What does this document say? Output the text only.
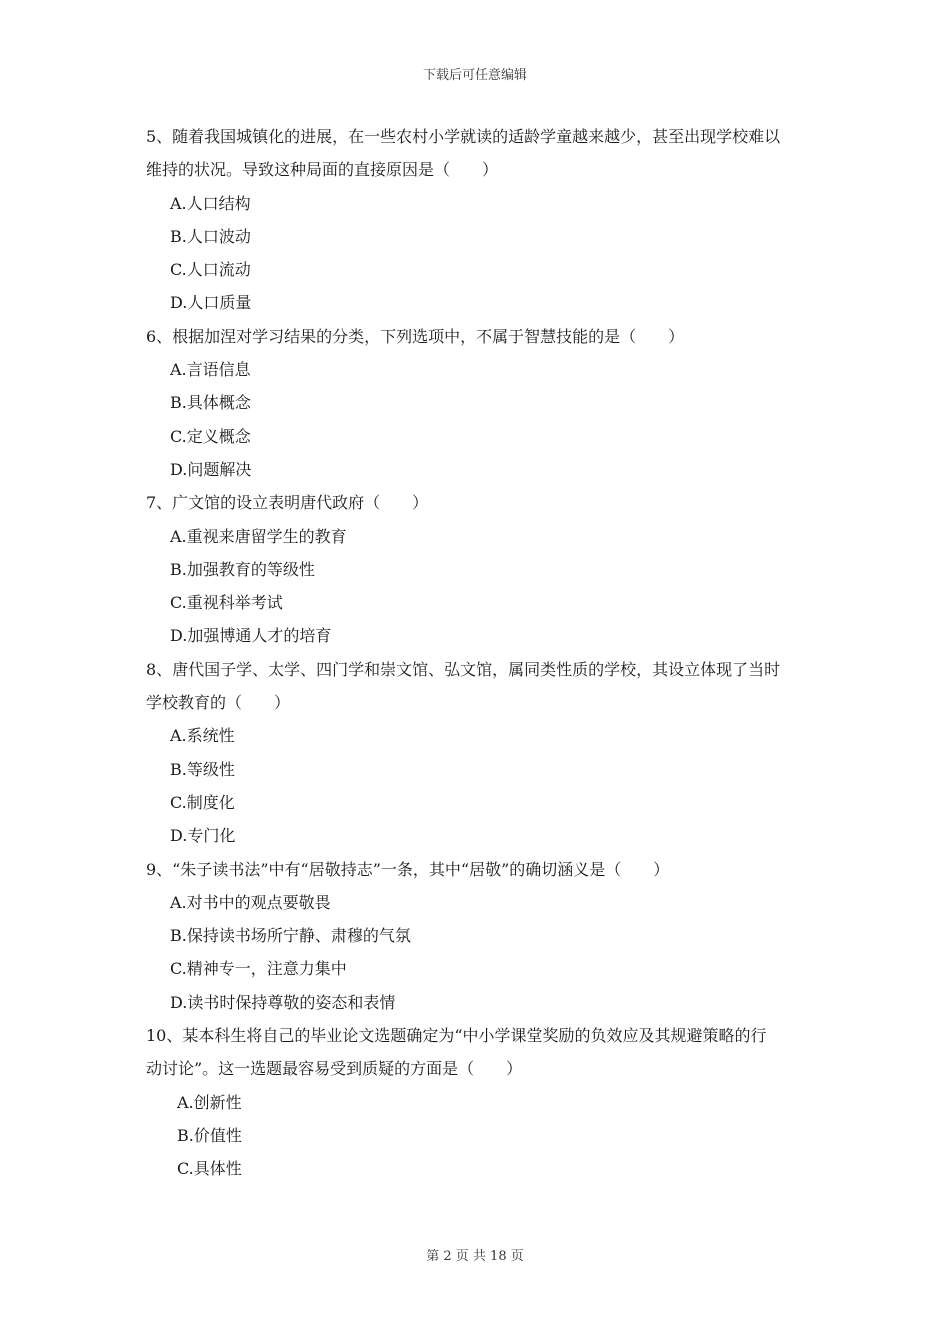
下载后可任意编辑
5、随着我国城镇化的进展，在一些农村小学就读的适龄学童越来越少，甚至出现学校难以
维持的状况。导致这种局面的直接原因是（　　）
A.人口结构
B.人口波动
C.人口流动
D.人口质量
6、根据加涅对学习结果的分类，下列选项中，不属于智慧技能的是（　　）
A.言语信息
B.具体概念
C.定义概念
D.问题解决
7、广文馆的设立表明唐代政府（　　）
A.重视来唐留学生的教育
B.加强教育的等级性
C.重视科举考试
D.加强博通人才的培育
8、唐代国子学、太学、四门学和崇文馆、弘文馆，属同类性质的学校，其设立体现了当时
学校教育的（　　）
A.系统性
B.等级性
C.制度化
D.专门化
9、“朱子读书法”中有“居敬持志”一条，其中“居敬”的确切涵义是（　　）
A.对书中的观点要敬畏
B.保持读书场所宁静、肃穆的气氛
C.精神专一，注意力集中
D.读书时保持尊敬的姿态和表情
10、某本科生将自己的毕业论文选题确定为“中小学课堂奖励的负效应及其规避策略的行
动讨论”。这一选题最容易受到质疑的方面是（　　）
A.创新性
B.价值性
C.具体性
第 2 页 共 18 页
